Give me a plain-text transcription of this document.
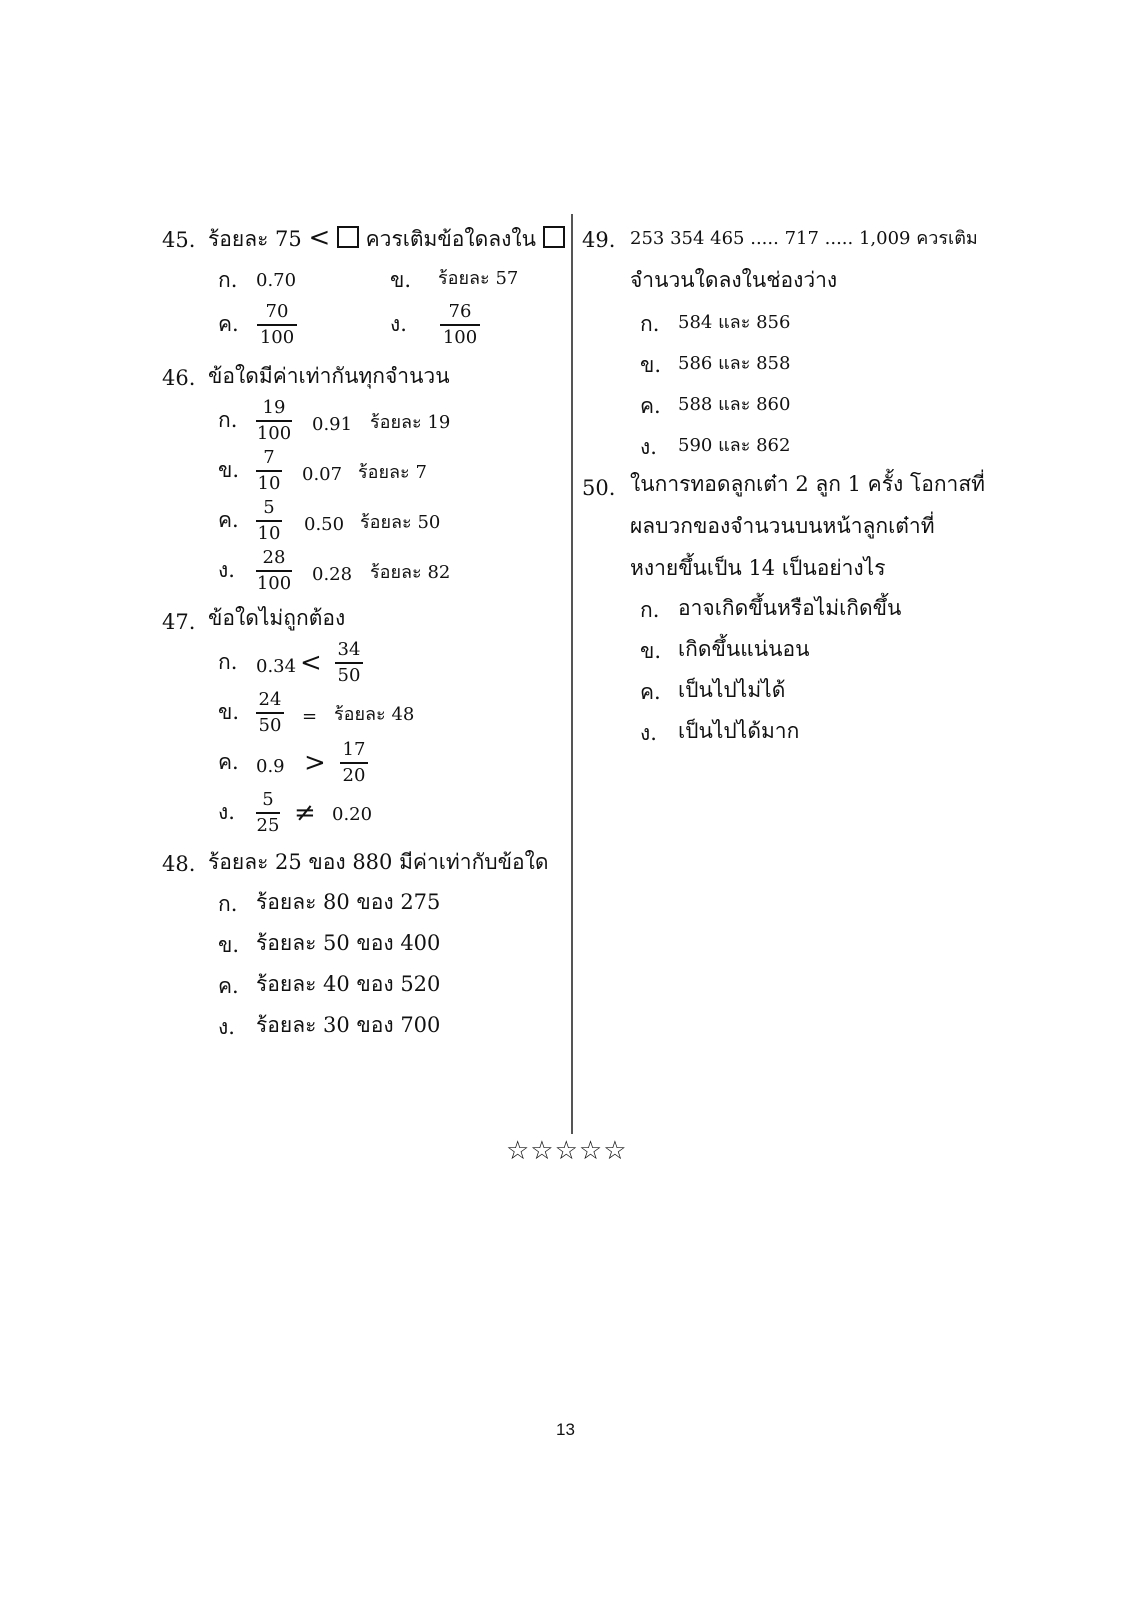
45. ร้อยละ 75 < ควรเติมข้อใดลงใน
ก. 0.70	ข. ร้อยละ 57
ค.
70
100
ง.
76
100
46. ข้อใดมีค่าเท่ากันทุกจำนวน
ก.
19
100 0.91 ร้อยละ 19
ข.
7
10 0.07 ร้อยละ 7
ค.
5
10 0.50 ร้อยละ 50
ง.
28
100 0.28 ร้อยละ 82
47. ข้อใดไม่ถูกต้อง
ก. 0.34 < 34
50
ข.
24
50 = ร้อยละ 48
ค. 0.9 > 17
20
ง.
5
25 ≠ 0.20
48. ร้อยละ 25 ของ 880 มีค่าเท่ากับข้อใด
ก. ร้อยละ 80 ของ 275
ข. ร้อยละ 50 ของ 400
ค. ร้อยละ 40 ของ 520
ง. ร้อยละ 30 ของ 700
49. 253 354 465 ..... 717 ..... 1,009 ควรเติม
จำนวนใดลงในช่องว่าง
ก. 584 และ 856
ข. 586 และ 858
ค. 588 และ 860
ง. 590 และ 862
50. ในการทอดลูกเต๋า 2 ลูก 1 ครั้ง โอกาสที่
ผลบวกของจำนวนบนหน้าลูกเต๋าที่
หงายขึ้นเป็น 14 เป็นอย่างไร
ก. อาจเกิดขึ้นหรือไม่เกิดขึ้น
ข. เกิดขึ้นแน่นอน
ค. เป็นไปไม่ได้
ง. เป็นไปได้มาก
☆☆☆☆☆
13
